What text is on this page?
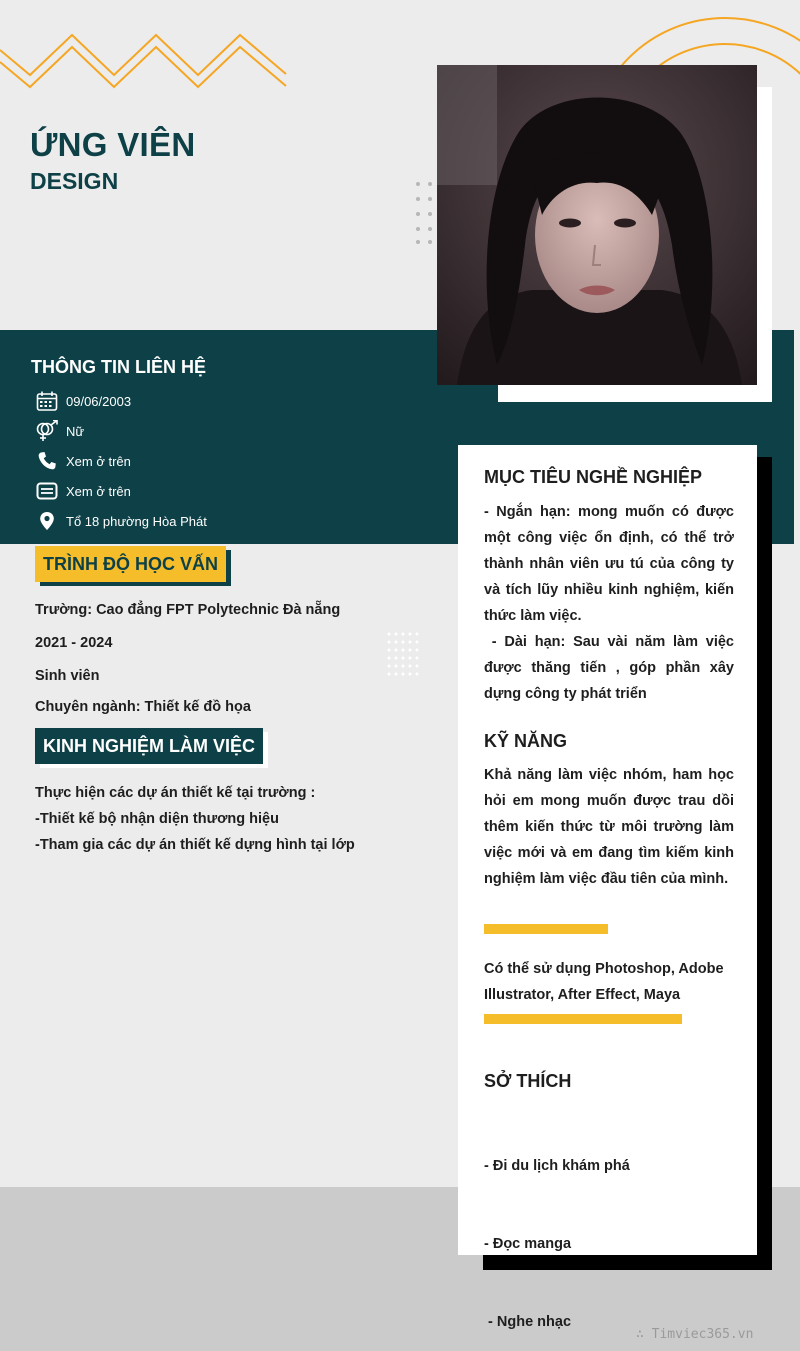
ỨNG VIÊN
DESIGN
THÔNG TIN LIÊN HỆ
09/06/2003
Nữ
Xem ở trên
Xem ở trên
Tổ 18 phường Hòa Phát
TRÌNH ĐỘ HỌC VẤN
Trường: Cao đẳng FPT Polytechnic Đà nẵng
2021 - 2024
Sinh viên
Chuyên ngành: Thiết kế đồ họa
KINH NGHIỆM LÀM VIỆC
Thực hiện các dự án thiết kế tại trường :
-Thiết kế bộ nhận diện thương hiệu
-Tham gia các dự án thiết kế dựng hình tại lớp
MỤC TIÊU NGHỀ NGHIỆP
- Ngắn hạn: mong muốn có được một công việc ổn định, có thể trở thành nhân viên ưu tú của công ty và tích lũy nhiều kinh nghiệm, kiến thức làm việc.
- Dài hạn: Sau vài năm làm việc được thăng tiến , góp phần xây dựng công ty phát triển
KỸ NĂNG
Khả năng làm việc nhóm, ham học hỏi em mong muốn được trau dồi thêm kiến thức từ môi trường làm việc mới và em đang tìm kiếm kinh nghiệm làm việc đầu tiên của mình.
Có thể sử dụng Photoshop, Adobe Illustrator, After Effect, Maya
SỞ THÍCH

- Đi du lịch khám phá

- Đọc manga

- Nghe nhạc

∴ Timviec365.vn
